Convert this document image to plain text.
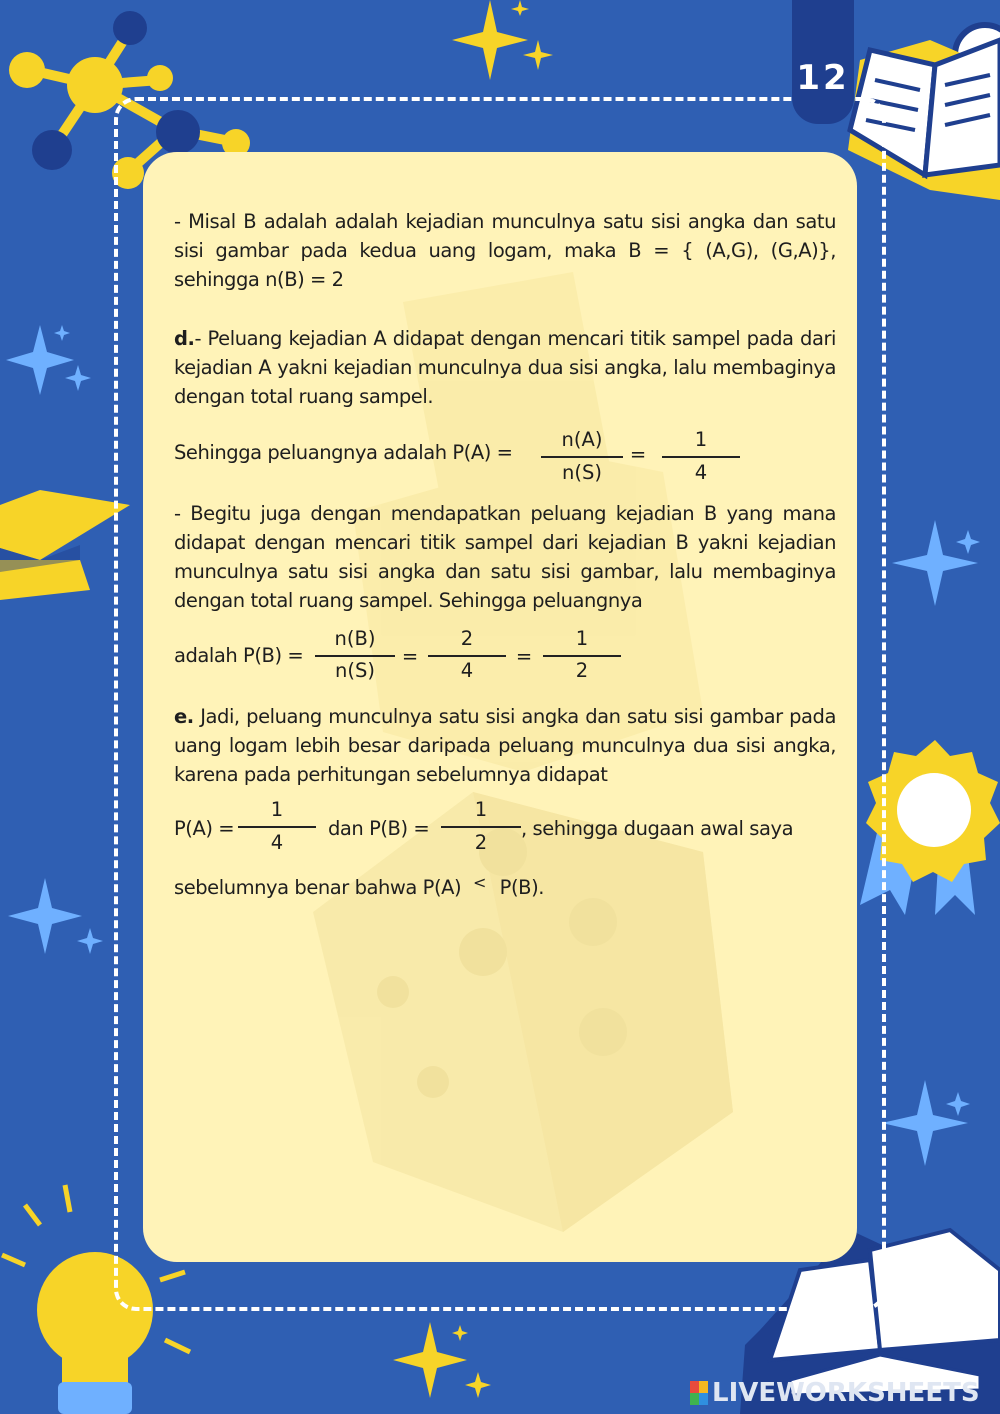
12
- Misal B adalah adalah kejadian munculnya satu sisi angka dan satu sisi gambar pada kedua uang logam, maka B = { (A,G), (G,A)}, sehingga n(B) = 2
d.- Peluang kejadian A didapat dengan mencari titik sampel pada dari kejadian A yakni kejadian munculnya dua sisi angka, lalu membaginya dengan total ruang sampel.
Sehingga peluangnya adalah P(A) =
n(A)
n(S)
=
1
4
- Begitu juga dengan mendapatkan peluang kejadian B yang mana didapat dengan mencari titik sampel dari kejadian B yakni kejadian munculnya satu sisi angka dan satu sisi gambar, lalu membaginya dengan total ruang sampel. Sehingga peluangnya
adalah P(B) =
n(B)
n(S)
=
2
4
=
1
2
e. Jadi, peluang munculnya satu sisi angka dan satu sisi gambar pada uang logam lebih besar daripada peluang munculnya dua sisi angka, karena pada perhitungan sebelumnya didapat
P(A) =
1
4
dan P(B) =
1
2
, sehingga dugaan awal saya
sebelumnya benar bahwa P(A) < P(B).
LIVEWORKSHEETS
